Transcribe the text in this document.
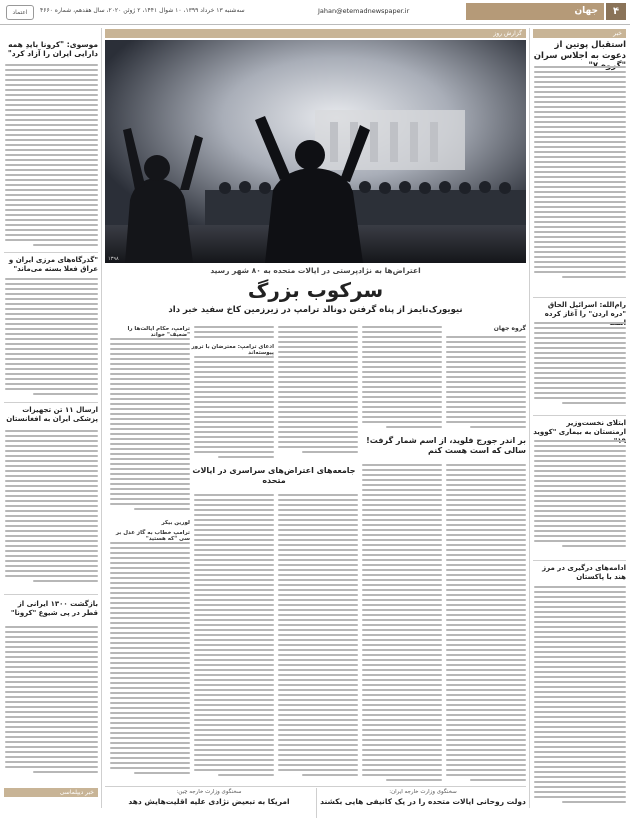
اعتماد	سه‌شنبه ۱۳ خرداد ۱۳۹۹، ۱۰ شوال ۱۴۴۱، ۲ ژوئن ۲۰۲۰، سال هفدهم، شماره ۴۶۶۰	Jahan@etemadnewspaper.ir	جهان	۴
خبر
استقبال پوتین از دعوت به اجلاس سران
رام‌الله: اسرائیل الحاق "دره اردن" را آغاز کرده
ابتلای نخست‌وزیر ارمنستان به بیماری "کووید
ادامه‌های درگیری در مرز هند با پاکستان
گزارش روز
۱۳۹۸
اعتراض‌ها به نژادپرستی در ایالات متحده به ۸۰ شهر رسید
سرکوب بزرگ
نیویورک‌تایمز از پناه گرفتن دونالد ترامپ در زیرزمین کاخ سفید خبر داد
گروه جهان
بر اندر جورج فلوید، از اسم شمار گرفت! سالی که است هست کنم
جامعه‌های اعتراض‌های سراسری در ایالات متحده
ادعای ترامپ: معترضان با ترور پیوسته‌اند
ترامپ، حکام ایالت‌ها را "ضعیف" خواند
لورین بیکر
ترامپ خطاب به گاز عذل بر سی "که هستید"
سخنگوی وزارت خارجه ایران:
دولت روحانی ایالات متحده را در یک کانیفی هایی بکشند
سخنگوی وزارت خارجه چین:
امریکا به تبعیض نژادی علیه اقلیت‌هایش دهد
موسوی: "کرونا بایدِ همه دارایی ایران را آزاد کرد"
"گذرگاه‌های مرزی ایران و عراق فعلا بسته می‌ماند"
ارسال ۱۱ تن تجهیزات پزشکی ایران به افغانستان
بازگشت ۱۳۰۰ ایرانی از قطر در پی شیوع "کرونا"
خبر دیپلماسی
